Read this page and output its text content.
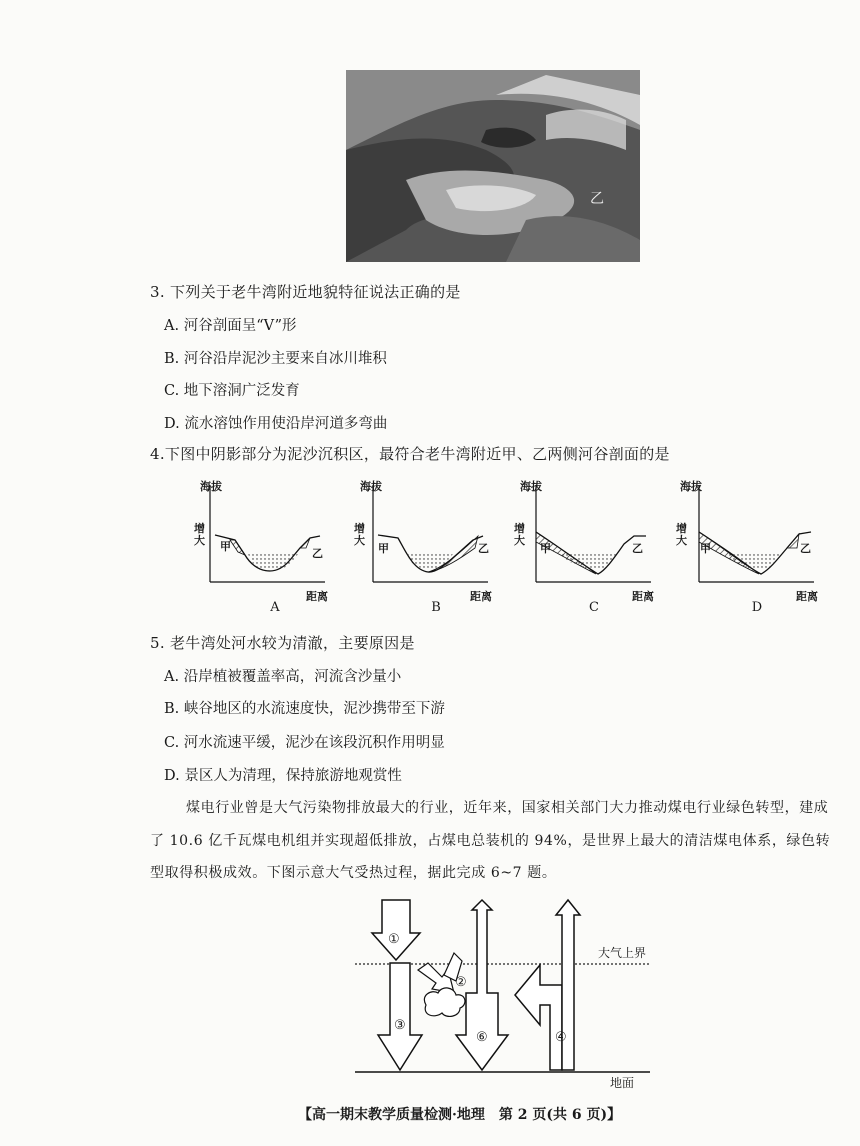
乙
3. 下列关于老牛湾附近地貌特征说法正确的是
A. 河谷剖面呈“V”形
B. 河谷沿岸泥沙主要来自冰川堆积
C. 地下溶洞广泛发育
D. 流水溶蚀作用使沿岸河道多弯曲
4.下图中阴影部分为泥沙沉积区，最符合老牛湾附近甲、乙两侧河谷剖面的是
海拔
增大 甲
乙
距离
A
海拔
增大
甲	乙
距离
B
海拔
增大
甲	乙
距离
C
海拔
增大
甲	乙
距离
D
5. 老牛湾处河水较为清澈，主要原因是
A. 沿岸植被覆盖率高，河流含沙量小
B. 峡谷地区的水流速度快，泥沙携带至下游
C. 河水流速平缓，泥沙在该段沉积作用明显
D. 景区人为清理，保持旅游地观赏性
煤电行业曾是大气污染物排放最大的行业，近年来，国家相关部门大力推动煤电行业绿色转型，建成
了 10.6 亿千瓦煤电机组并实现超低排放，占煤电总装机的 94%，是世界上最大的清洁煤电体系，绿色转
型取得积极成效。下图示意大气受热过程，据此完成 6~7 题。
①
②
③
④
⑥
大气上界
地面
【高一期末教学质量检测·地理　第 2 页(共 6 页)】
